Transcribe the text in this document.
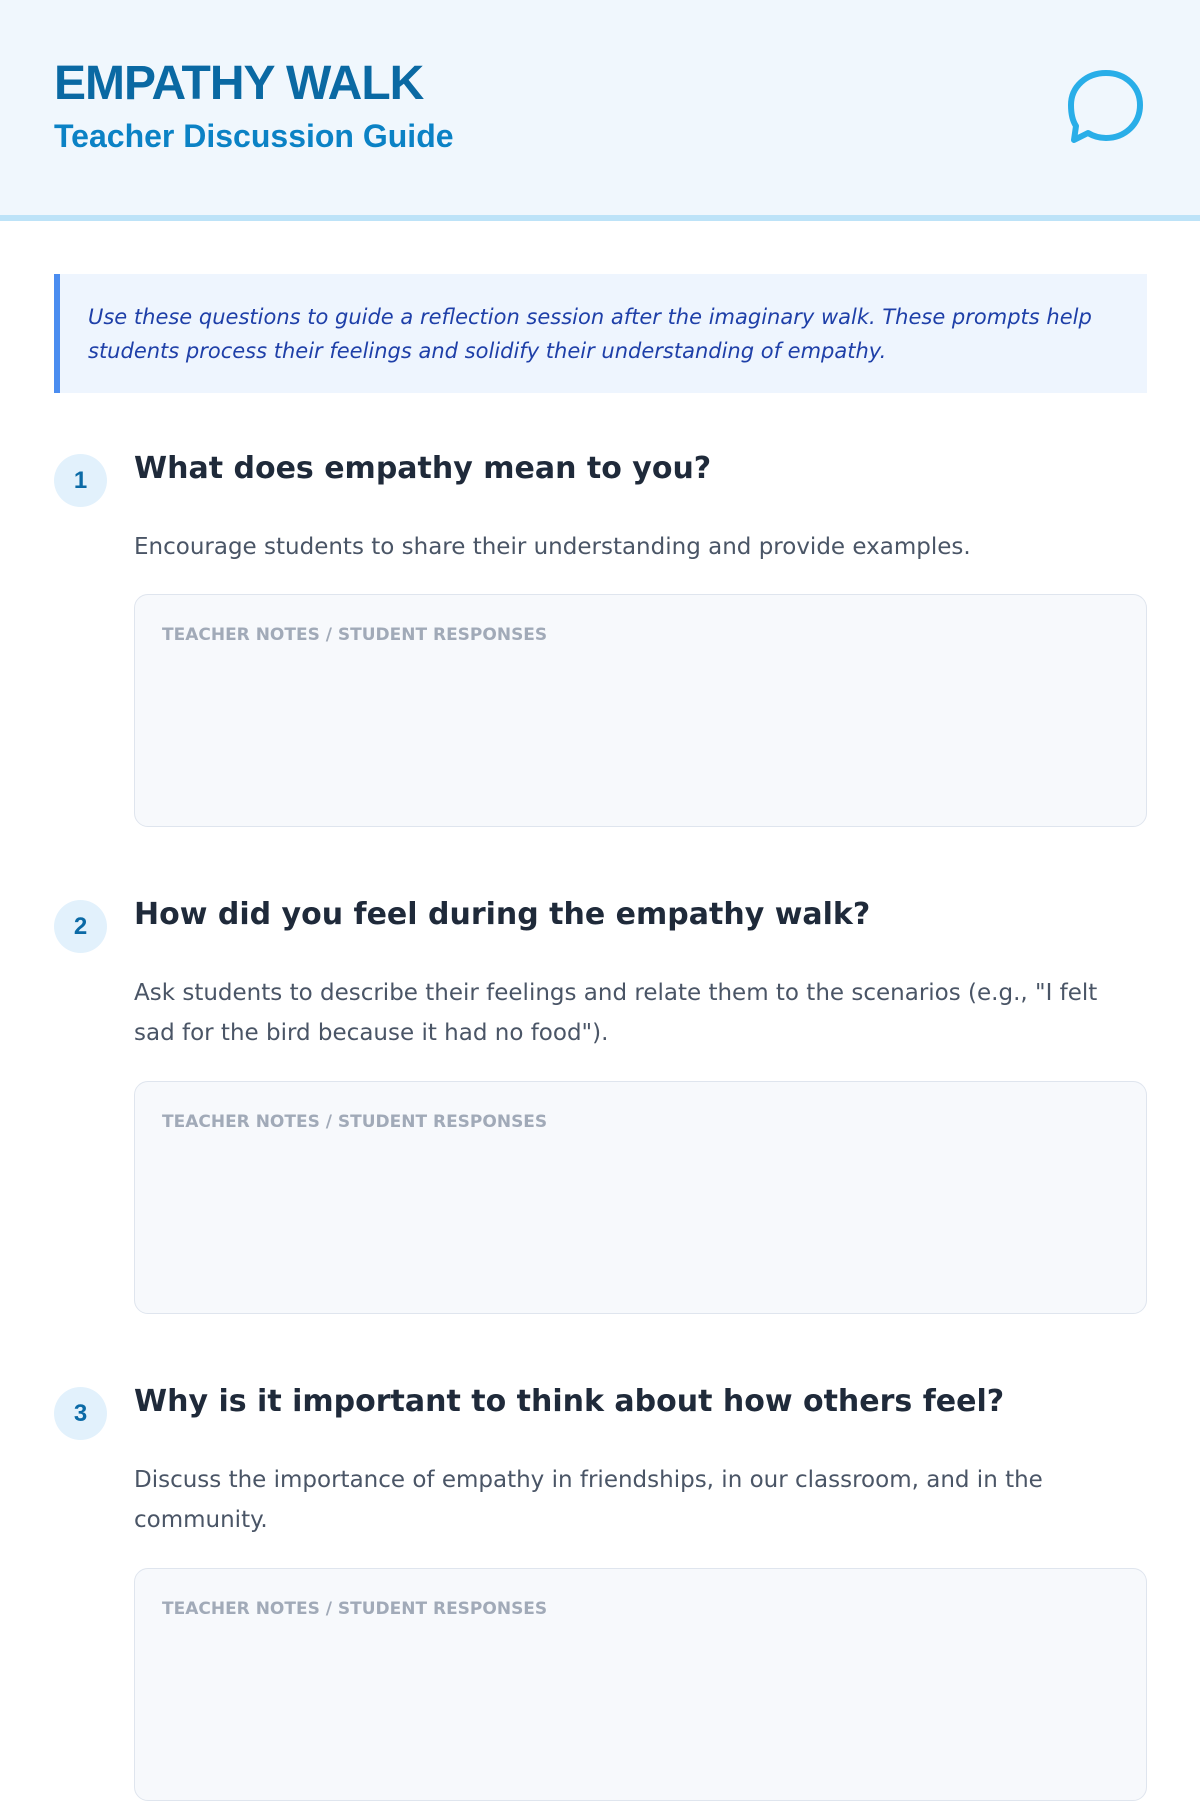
EMPATHY WALK
Teacher Discussion Guide

Use these questions to guide a reflection session after the imaginary walk. These prompts help students process their feelings and solidify their understanding of empathy.

1	What does empathy mean to you?

Encourage students to share their understanding and provide examples.

TEACHER NOTES / STUDENT RESPONSES
2	How did you feel during the empathy walk?

Ask students to describe their feelings and relate them to the scenarios (e.g., "I felt sad for the bird because it had no food").

TEACHER NOTES / STUDENT RESPONSES
3	Why is it important to think about how others feel?

Discuss the importance of empathy in friendships, in our classroom, and in the community.

TEACHER NOTES / STUDENT RESPONSES
